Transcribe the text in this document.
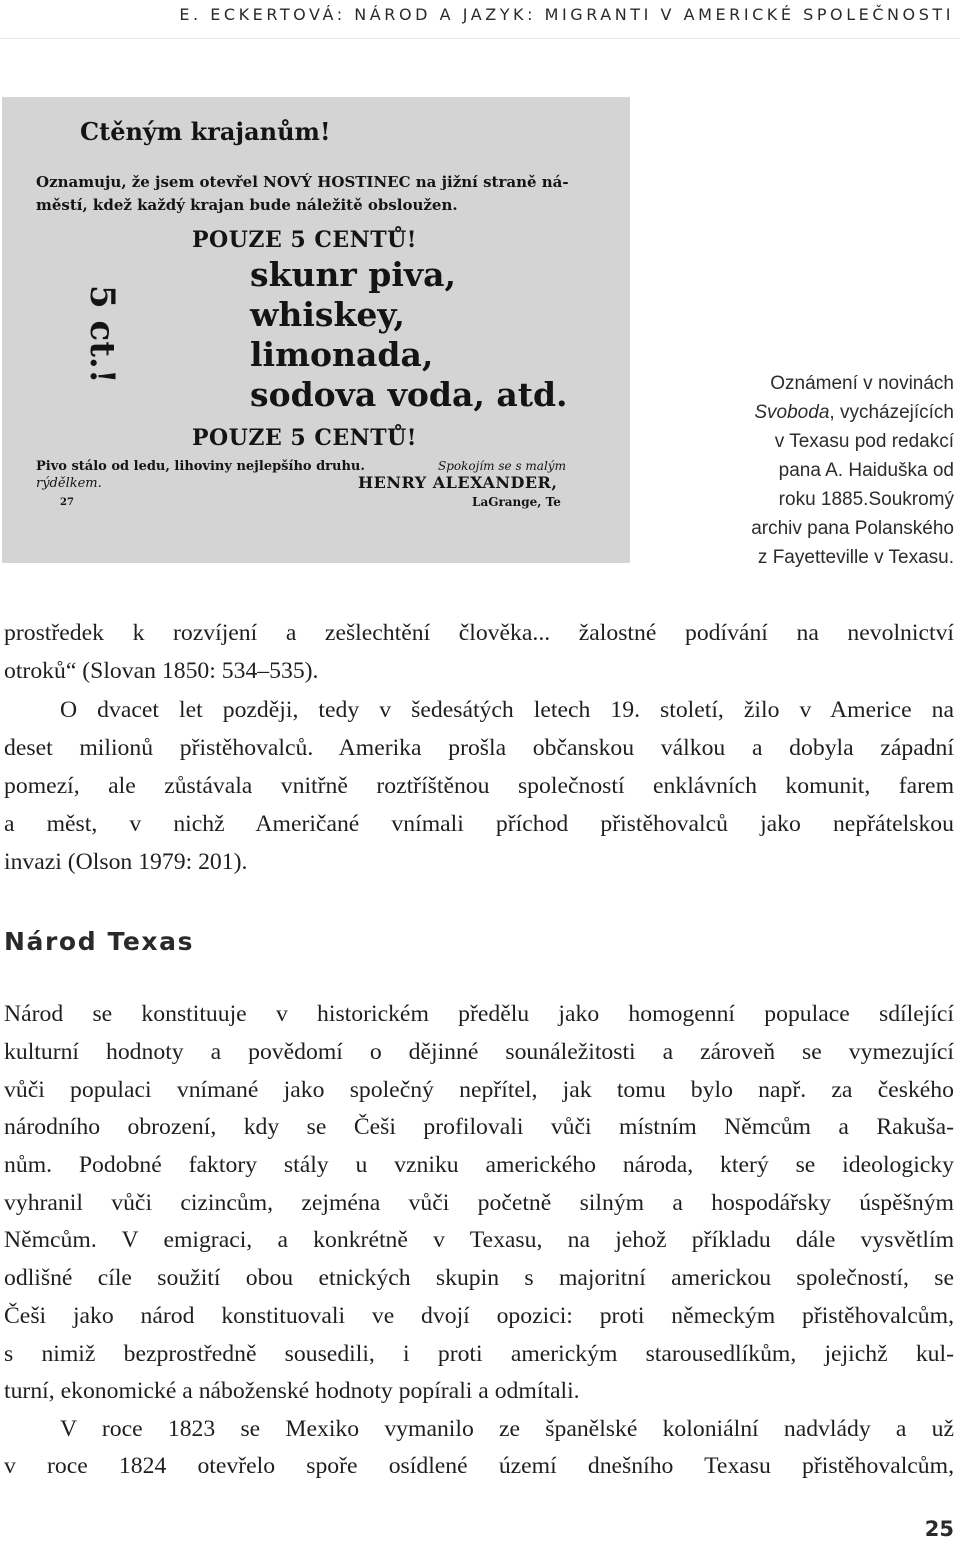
E. ECKERTOVÁ: NÁROD A JAZYK: MIGRANTI V AMERICKÉ SPOLEČNOSTI
Ctěným krajanům!
Oznamuju, že jsem otevřel NOVÝ HOSTINEC na jižní straně ná-
městí, kdež každý krajan bude náležitě obsloužen.
POUZE 5 CENTŮ!
skunr piva,
whiskey,
limonada,
sodova voda, atd.
5 ct.!
POUZE 5 CENTŮ!
Pivo stálo od ledu, lihoviny nejlepšího druhu.
rýdělkem.
Spokojím se s malým
HENRY ALEXANDER,
27	LaGrange, Te

Oznámení v novinách

Svoboda, vycházejících

v Texasu pod redakcí

pana A. Haiduška od

roku 1885.Soukromý

archiv pana Polanského

z Fayetteville v Texasu.

prostředek k rozvíjení a zešlechtění člověka... žalostné podívání na nevolnictví
otroků“ (Slovan 1850: 534–535).
O dvacet let později, tedy v šedesátých letech 19. století, žilo v Americe na
deset milionů přistěhovalců. Amerika prošla občanskou válkou a dobyla západní
pomezí, ale zůstávala vnitřně roztříštěnou společností enklávních komunit, farem
a měst, v nichž Američané vnímali příchod přistěhovalců jako nepřátelskou
invazi (Olson 1979: 201).
Národ Texas
Národ se konstituuje v historickém předělu jako homogenní populace sdílející
kulturní hodnoty a povědomí o dějinné sounáležitosti a zároveň se vymezující
vůči populaci vnímané jako společný nepřítel, jak tomu bylo např. za českého
národního obrození, kdy se Češi profilovali vůči místním Němcům a Rakuša-
nům. Podobné faktory stály u vzniku amerického národa, který se ideologicky
vyhranil vůči cizincům, zejména vůči početně silným a hospodářsky úspěšným
Němcům. V emigraci, a konkrétně v Texasu, na jehož příkladu dále vysvětlím
odlišné cíle soužití obou etnických skupin s majoritní americkou společností, se
Češi jako národ konstituovali ve dvojí opozici: proti německým přistěhovalcům,
s nimiž bezprostředně sousedili, i proti americkým starousedlíkům, jejichž kul-
turní, ekonomické a náboženské hodnoty popírali a odmítali.
V roce 1823 se Mexiko vymanilo ze španělské koloniální nadvlády a už
v roce 1824 otevřelo spoře osídlené území dnešního Texasu přistěhovalcům,
25
